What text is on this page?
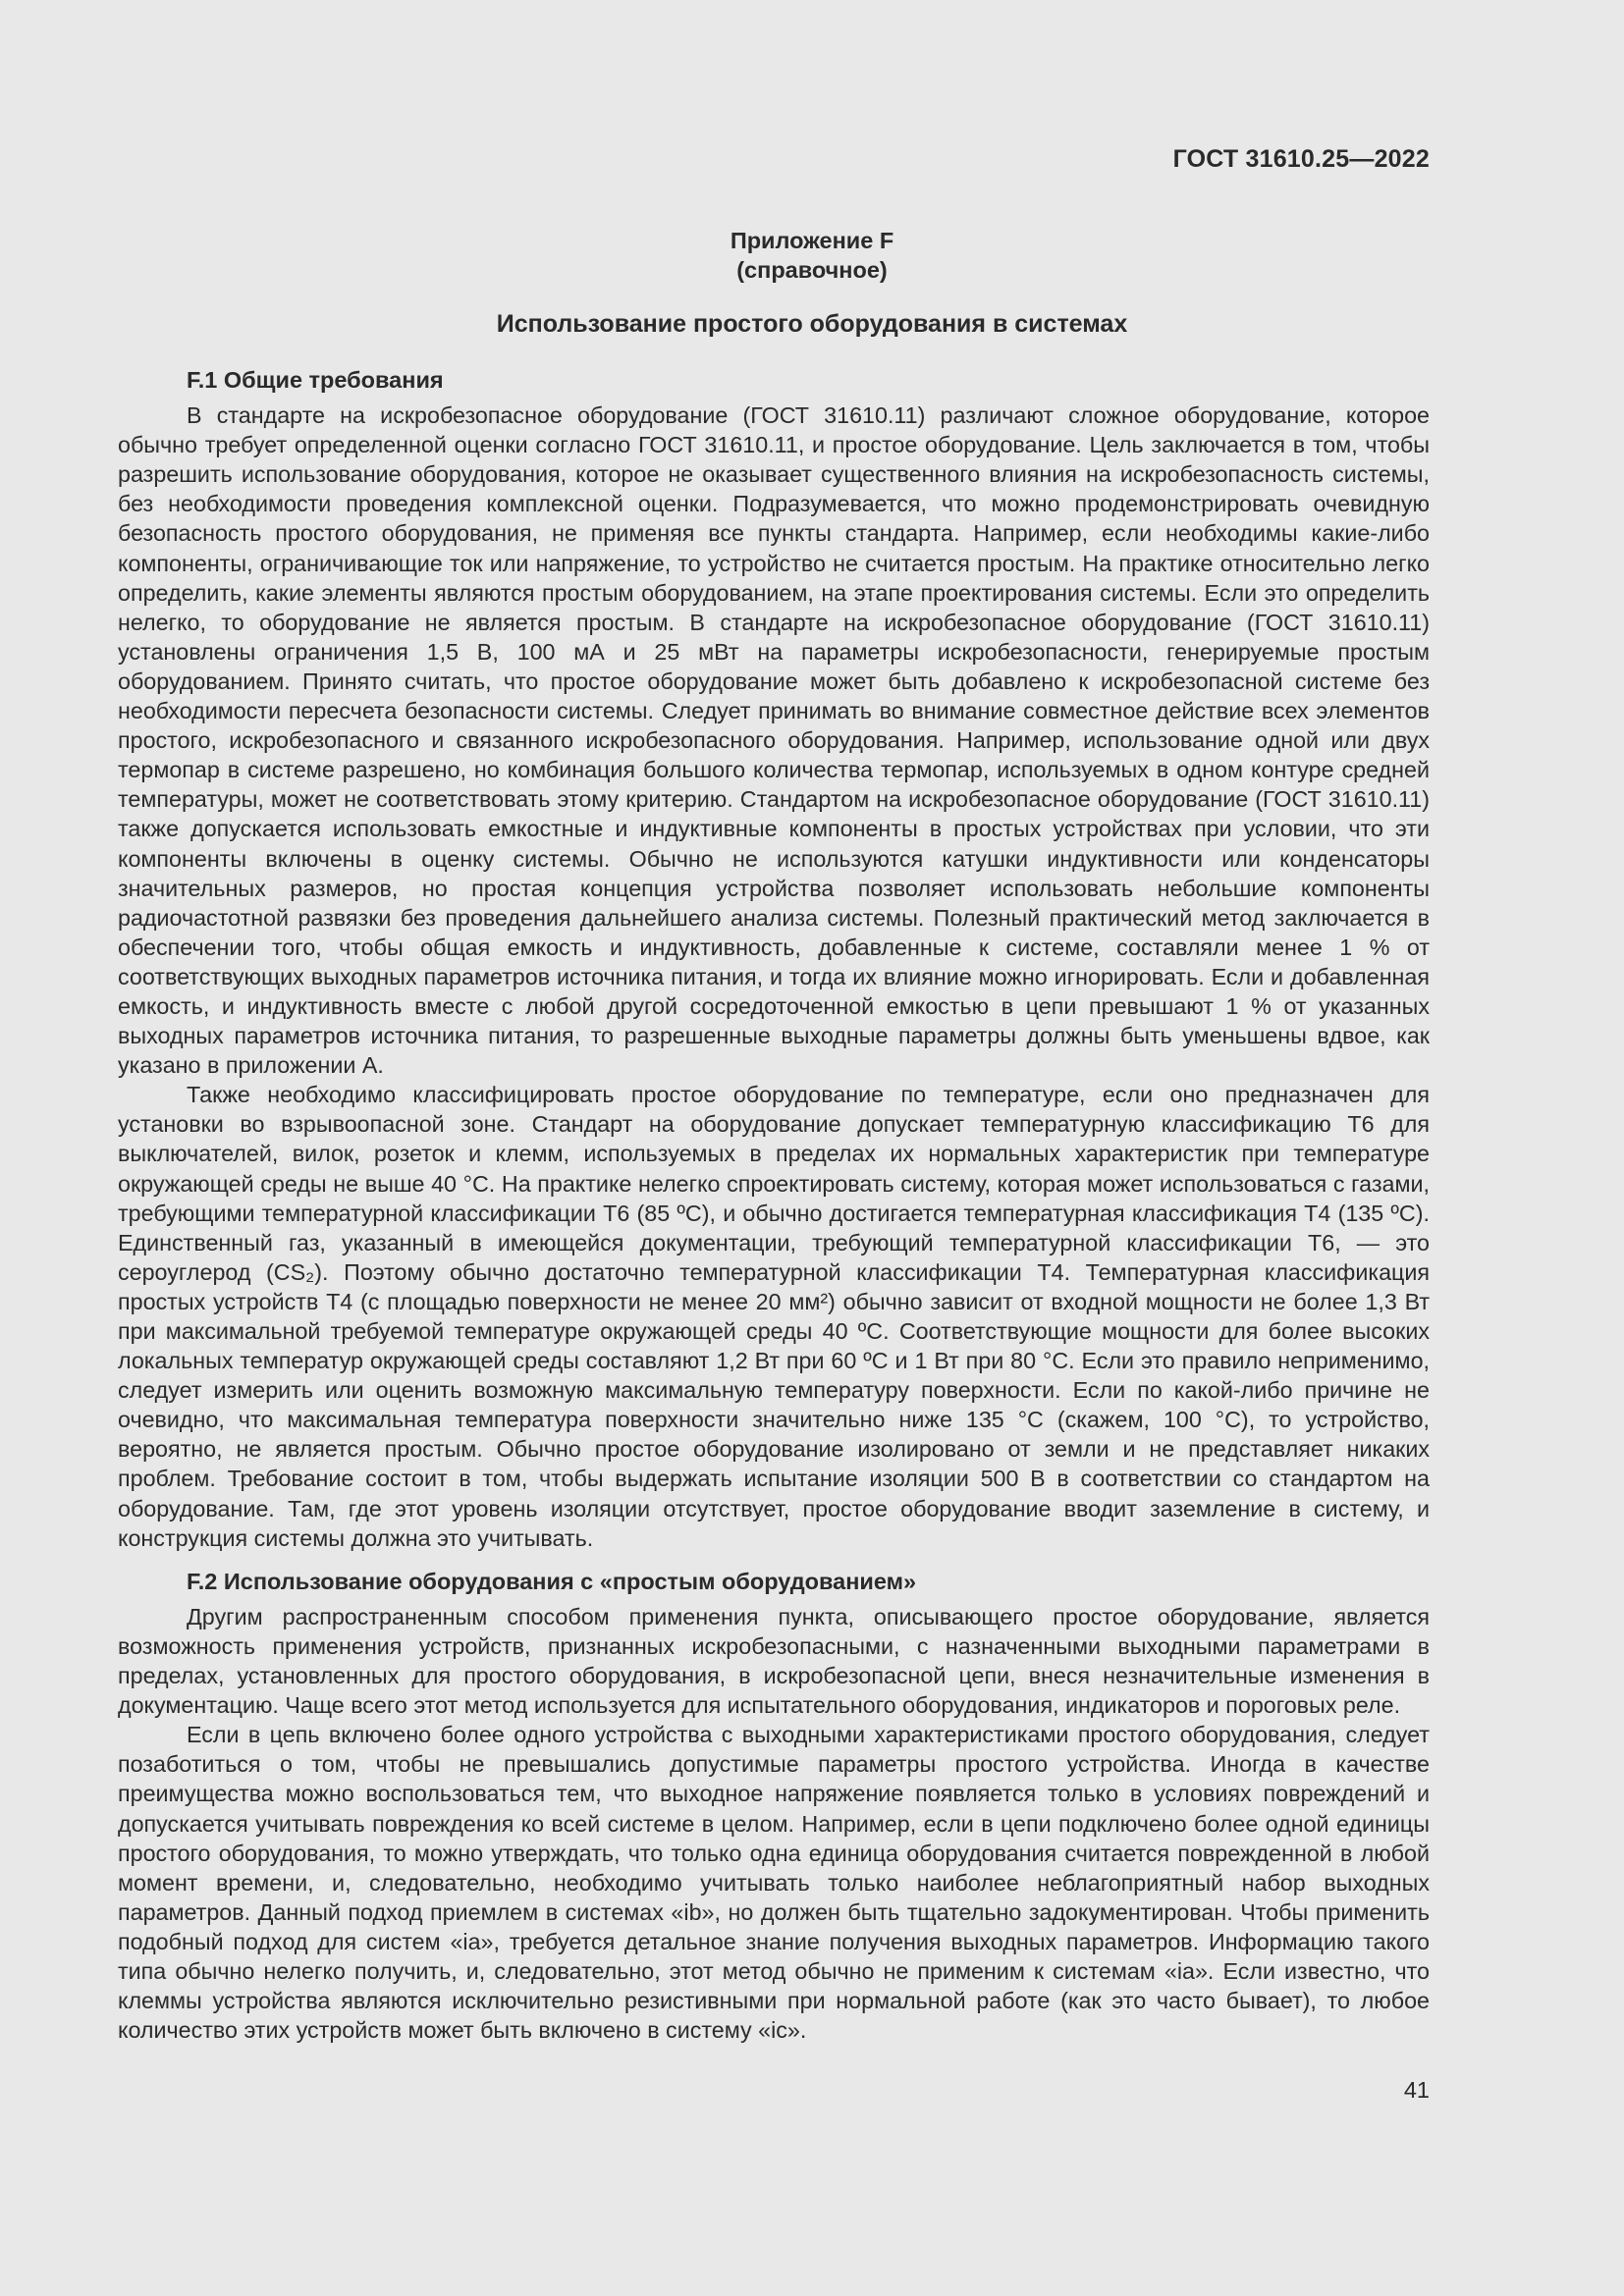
ГОСТ 31610.25—2022
Приложение F
(справочное)
Использование простого оборудования в системах
F.1 Общие требования

В стандарте на искробезопасное оборудование (ГОСТ 31610.11) различают сложное оборудование, которое обычно требует определенной оценки согласно ГОСТ 31610.11, и простое оборудование. Цель заключается в том, чтобы разрешить использование оборудования, которое не оказывает существенного влияния на искробезопасность системы, без необходимости проведения комплексной оценки. Подразумевается, что можно продемонстрировать очевидную безопасность простого оборудования, не применяя все пункты стандарта. Например, если необходимы какие-либо компоненты, ограничивающие ток или напряжение, то устройство не считается простым. На практике относительно легко определить, какие элементы являются простым оборудованием, на этапе проектирования системы. Если это определить нелегко, то оборудование не является простым. В стандарте на искробезопасное оборудование (ГОСТ 31610.11) установлены ограничения 1,5 В, 100 мА и 25 мВт на параметры искробезопасности, генерируемые простым оборудованием. Принято считать, что простое оборудование может быть добавлено к искробезопасной системе без необходимости пересчета безопасности системы. Следует принимать во внимание совместное действие всех элементов простого, искробезопасного и связанного искробезопасного оборудования. Например, использование одной или двух термопар в системе разрешено, но комбинация большого количества термопар, используемых в одном контуре средней температуры, может не соответствовать этому критерию. Стандартом на искробезопасное оборудование (ГОСТ 31610.11) также допускается использовать емкостные и индуктивные компоненты в простых устройствах при условии, что эти компоненты включены в оценку системы. Обычно не используются катушки индуктивности или конденсаторы значительных размеров, но простая концепция устройства позволяет использовать небольшие компоненты радиочастотной развязки без проведения дальнейшего анализа системы. Полезный практический метод заключается в обеспечении того, чтобы общая емкость и индуктивность, добавленные к системе, составляли менее 1 % от соответствующих выходных параметров источника питания, и тогда их влияние можно игнорировать. Если и добавленная емкость, и индуктивность вместе с любой другой сосредоточенной емкостью в цепи превышают 1 % от указанных выходных параметров источника питания, то разрешенные выходные параметры должны быть уменьшены вдвое, как указано в приложении А.

Также необходимо классифицировать простое оборудование по температуре, если оно предназначен для установки во взрывоопасной зоне. Стандарт на оборудование допускает температурную классификацию Т6 для выключателей, вилок, розеток и клемм, используемых в пределах их нормальных характеристик при температуре окружающей среды не выше 40 °С. На практике нелегко спроектировать систему, которая может использоваться с газами, требующими температурной классификации Т6 (85 ºС), и обычно достигается температурная классификация Т4 (135 ºС). Единственный газ, указанный в имеющейся документации, требующий температурной классификации Т6, — это сероуглерод (CS₂). Поэтому обычно достаточно температурной классификации Т4. Температурная классификация простых устройств Т4 (с площадью поверхности не менее 20 мм²) обычно зависит от входной мощности не более 1,3 Вт при максимальной требуемой температуре окружающей среды 40 ºС. Соответствующие мощности для более высоких локальных температур окружающей среды составляют 1,2 Вт при 60 ºС и 1 Вт при 80 °С. Если это правило неприменимо, следует измерить или оценить возможную максимальную температуру поверхности. Если по какой-либо причине не очевидно, что максимальная температура поверхности значительно ниже 135 °С (скажем, 100 °С), то устройство, вероятно, не является простым. Обычно простое оборудование изолировано от земли и не представляет никаких проблем. Требование состоит в том, чтобы выдержать испытание изоляции 500 В в соответствии со стандартом на оборудование. Там, где этот уровень изоляции отсутствует, простое оборудование вводит заземление в систему, и конструкция системы должна это учитывать.

F.2 Использование оборудования с «простым оборудованием»

Другим распространенным способом применения пункта, описывающего простое оборудование, является возможность применения устройств, признанных искробезопасными, с назначенными выходными параметрами в пределах, установленных для простого оборудования, в искробезопасной цепи, внеся незначительные изменения в документацию. Чаще всего этот метод используется для испытательного оборудования, индикаторов и пороговых реле.

Если в цепь включено более одного устройства с выходными характеристиками простого оборудования, следует позаботиться о том, чтобы не превышались допустимые параметры простого устройства. Иногда в качестве преимущества можно воспользоваться тем, что выходное напряжение появляется только в условиях повреждений и допускается учитывать повреждения ко всей системе в целом. Например, если в цепи подключено более одной единицы простого оборудования, то можно утверждать, что только одна единица оборудования считается поврежденной в любой момент времени, и, следовательно, необходимо учитывать только наиболее неблагоприятный набор выходных параметров. Данный подход приемлем в системах «ib», но должен быть тщательно задокументирован. Чтобы применить подобный подход для систем «ia», требуется детальное знание получения выходных параметров. Информацию такого типа обычно нелегко получить, и, следовательно, этот метод обычно не применим к системам «ia». Если известно, что клеммы устройства являются исключительно резистивными при нормальной работе (как это часто бывает), то любое количество этих устройств может быть включено в систему «ic».

41
